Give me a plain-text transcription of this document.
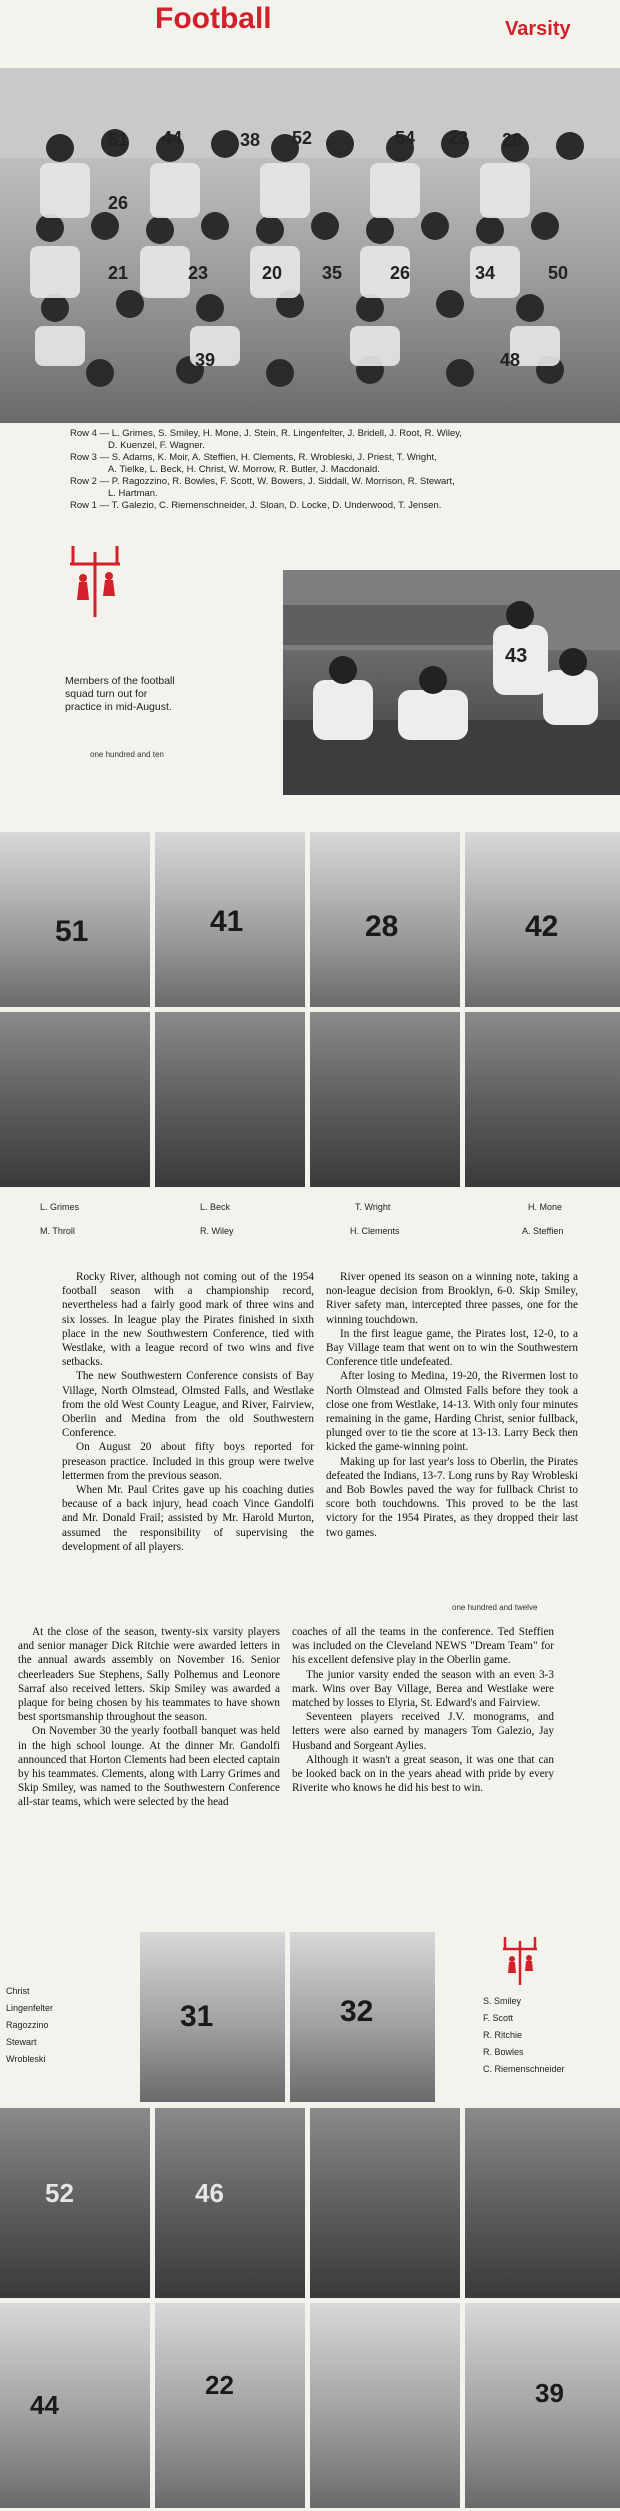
Football	Varsity
51 44	38 52	54 23 28
26
21	23	20 35	26	34	50
39	48
Row 4 — L. Grimes, S. Smiley, H. Mone, J. Stein, R. Lingenfelter, J. Bridell, J. Root, R. Wiley,
D. Kuenzel, F. Wagner.
Row 3 — S. Adams, K. Moir, A. Steffien, H. Clements, R. Wrobleski, J. Priest, T. Wright,
A. Tielke, L. Beck, H. Christ, W. Morrow, R. Butler, J. Macdonald.
Row 2 — P. Ragozzino, R. Bowles, F. Scott, W. Bowers, J. Siddall, W. Morrison, R. Stewart,
L. Hartman.
Row 1 — T. Galezio, C. Riemenschneider, J. Sloan, D. Locke, D. Underwood, T. Jensen.
Members of the football squad turn out for practice in mid-August.
one hundred and ten
43
51	41	28	42
L. Grimes	L. Beck	T. Wright	H. Mone
M. Throll	R. Wiley	H. Clements	A. Steffien

Rocky River, although not coming out of the 1954 football season with a championship record, nevertheless had a fairly good mark of three wins and six losses. In league play the Pirates finished in sixth place in the new Southwestern Conference, tied with Westlake, with a league record of two wins and five setbacks.

The new Southwestern Conference consists of Bay Village, North Olmstead, Olmsted Falls, and Westlake from the old West County League, and River, Fairview, Oberlin and Medina from the old Southwestern Conference.

On August 20 about fifty boys reported for preseason practice. Included in this group were twelve lettermen from the previous season.

When Mr. Paul Crites gave up his coaching duties because of a back injury, head coach Vince Gandolfi and Mr. Donald Frail; assisted by Mr. Harold Murton, assumed the responsibility of supervising the development of all players.

River opened its season on a winning note, taking a non-league decision from Brooklyn, 6-0. Skip Smiley, River safety man, intercepted three passes, one for the winning touchdown.

In the first league game, the Pirates lost, 12-0, to a Bay Village team that went on to win the Southwestern Conference title undefeated.

After losing to Medina, 19-20, the Rivermen lost to North Olmstead and Olmsted Falls before they took a close one from Westlake, 14-13. With only four minutes remaining in the game, Harding Christ, senior fullback, plunged over to tie the score at 13-13. Larry Beck then kicked the game-winning point.

Making up for last year's loss to Oberlin, the Pirates defeated the Indians, 13-7. Long runs by Ray Wrobleski and Bob Bowles paved the way for fullback Christ to score both touchdowns. This proved to be the last victory for the 1954 Pirates, as they dropped their last two games.

one hundred and twelve

At the close of the season, twenty-six varsity players and senior manager Dick Ritchie were awarded letters in the annual awards assembly on November 16. Senior cheerleaders Sue Stephens, Sally Polhemus and Leonore Sarraf also received letters. Skip Smiley was awarded a plaque for being chosen by his teammates to have shown best sportsmanship throughout the season.

On November 30 the yearly football banquet was held in the high school lounge. At the dinner Mr. Gandolfi announced that Horton Clements had been elected captain by his teammates. Clements, along with Larry Grimes and Skip Smiley, was named to the Southwestern Conference all-star teams, which were selected by the head

coaches of all the teams in the conference. Ted Steffien was included on the Cleveland NEWS "Dream Team" for his excellent defensive play in the Oberlin game.

The junior varsity ended the season with an even 3-3 mark. Wins over Bay Village, Berea and Westlake were matched by losses to Elyria, St. Edward's and Fairview.

Seventeen players received J.V. monograms, and letters were also earned by managers Tom Galezio, Jay Husband and Sorgeant Aylies.

Although it wasn't a great season, it was one that can be looked back on in the years ahead with pride by every Riverite who knows he did his best to win.

Christ
Lingenfelter
Ragozzino
Stewart
Wrobleski
31	32	S. Smiley
F. Scott
R. Ritchie
R. Bowles
C. Riemenschneider
52	46
44
22	39
